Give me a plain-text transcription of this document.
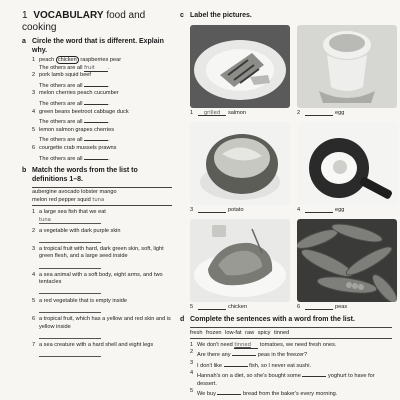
1 VOCABULARY food and cooking
a Circle the word that is different. Explain why.
1 peach chicken raspberries pear
The others are all fruit .
2 pork lamb squid beef
The others are all	.
3 melon cherries peach cucumber
The others are all	.
4 green beans beetroot cabbage duck
The others are all	.
5 lemon salmon grapes cherries
The others are all	.
6 courgette crab mussels prawns
The others are all	.
b Match the words from the list to definitions 1–8.
aubergine avocado lobster mango
melon red pepper squid tuna
1 a large sea fish that we eat
tuna
2 a vegetable with dark purple skin
3 a tropical fruit with hard, dark green skin, soft, light green flesh, and a large seed inside
4 a sea animal with a soft body, eight arms, and two tentacles
5 a red vegetable that is empty inside
6 a tropical fruit, which has a yellow and red skin and is yellow inside
7 a sea creature with a hard shell and eight legs
c Label the pictures.
1	grilled	salmon	2	egg
3	potato	4	egg
5	chicken	6	peas
d Complete the sentences with a word from the list.
fresh frozen low-fat raw spicy tinned
1 We don't need tinned tomatoes, we need fresh ones.
2 Are there any	peas in the freezer?
3 I don't like	fish, so I never eat sushi.
4 Hannah's on a diet, so she's bought some	yoghurt to have for dessert.
5 We buy	bread from the baker's every morning.
